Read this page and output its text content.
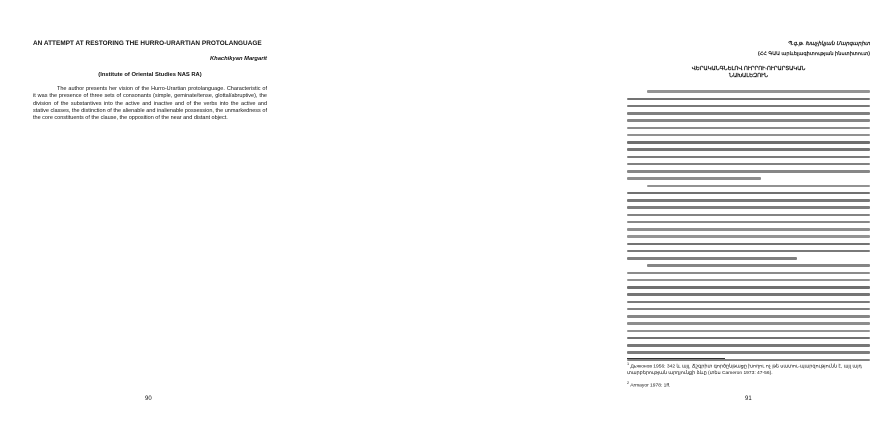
AN ATTEMPT AT RESTORING THE HURRO-URARTIAN PROTOLANGUAGE
Khachikyan Margarit
(Institute of Oriental Studies NAS RA)

The author presents her vision of the Hurro-Urartian protolanguage. Characteristic of it was the presence of three sets of consonants (simple, geminate/tense, glottal/abruptive), the division of the substantives into the active and inactive and of the verbs into the active and stative classes, the distinction of the alienable and inalienable possession, the unmarkedness of the core constituents of the clause, the opposition of the near and distant object.

90
Պ.գ.թ. Խաչիկյան Մարգարիտ
(ՀՀ ԳԱԱ արևելագիտության ինստիտուտ)
ՎԵՐԱԿԱՆԳՆԵԼՈՎ ՈՒՐՐՈՒ-ՈՒՐԱՐՏԱԿԱՆ
ՆԱԽԱԼԵԶՈՒՆ
$^1$ Дьяконов 1956: 342 և այլ. Ճշգրիտ գործընթացը խողու ոչ թե սատու-պարզությունն է, այլ այդ տարբերության արդյունքի ձևը (տես Cameron 1973: 47-56).
$^2$ Armayor 1978: 1ff.
91
